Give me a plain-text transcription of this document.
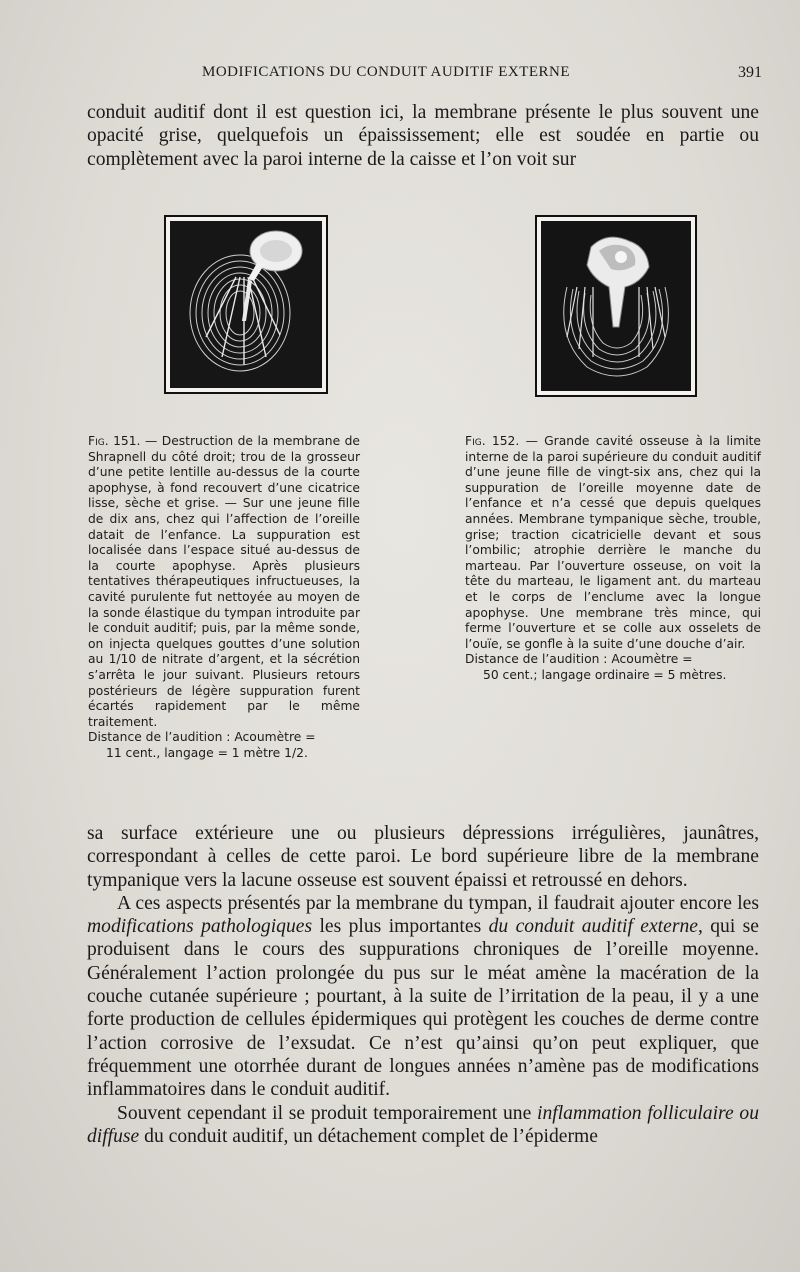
MODIFICATIONS DU CONDUIT AUDITIF EXTERNE	391

conduit auditif dont il est question ici, la membrane présente le plus souvent une opacité grise, quelquefois un épaississement; elle est soudée en partie ou complètement avec la paroi interne de la caisse et l’on voit sur

Fig. 151. — Destruction de la membrane de Shrapnell du côté droit; trou de la grosseur d’une petite lentille au-dessus de la courte apophyse, à fond recouvert d’une cicatrice lisse, sèche et grise. — Sur une jeune fille de dix ans, chez qui l’affection de l’oreille datait de l’enfance. La suppuration est localisée dans l’espace situé au-dessus de la courte apophyse. Après plusieurs tentatives thérapeutiques infructueuses, la cavité purulente fut nettoyée au moyen de la sonde élastique du tympan introduite par le conduit auditif; puis, par la même sonde, on injecta quelques gouttes d’une solution au 1/10 de nitrate d’argent, et la sécrétion s’arrêta le jour suivant. Plusieurs retours postérieurs de légère suppuration furent écartés rapidement par le même traitement.
Distance de l’audition : Acoumètre =
11 cent., langage = 1 mètre 1/2.
Fig. 152. — Grande cavité osseuse à la limite interne de la paroi supérieure du conduit auditif d’une jeune fille de vingt-six ans, chez qui la suppuration de l’oreille moyenne date de l’enfance et n’a cessé que depuis quelques années. Membrane tympanique sèche, trouble, grise; traction cicatricielle devant et sous l’ombilic; atrophie derrière le manche du marteau. Par l’ouverture osseuse, on voit la tête du marteau, le ligament ant. du marteau et le corps de l’enclume avec la longue apophyse. Une membrane très mince, qui ferme l’ouverture et se colle aux osselets de l’ouïe, se gonfle à la suite d’une douche d’air.
Distance de l’audition : Acoumètre =
50 cent.; langage ordinaire = 5 mètres.

sa surface extérieure une ou plusieurs dépressions irrégulières, jaunâtres, correspondant à celles de cette paroi. Le bord supérieure libre de la membrane tympanique vers la lacune osseuse est souvent épaissi et retroussé en dehors.

A ces aspects présentés par la membrane du tympan, il faudrait ajouter encore les modifications pathologiques les plus importantes du conduit auditif externe, qui se produisent dans le cours des suppurations chroniques de l’oreille moyenne. Généralement l’action prolongée du pus sur le méat amène la macération de la couche cutanée supérieure ; pourtant, à la suite de l’irritation de la peau, il y a une forte production de cellules épidermiques qui protègent les couches de derme contre l’action corrosive de l’exsudat. Ce n’est qu’ainsi qu’on peut expliquer, que fréquemment une otorrhée durant de longues années n’amène pas de modifications inflammatoires dans le conduit auditif.

Souvent cependant il se produit temporairement une inflammation folliculaire ou diffuse du conduit auditif, un détachement complet de l’épiderme
